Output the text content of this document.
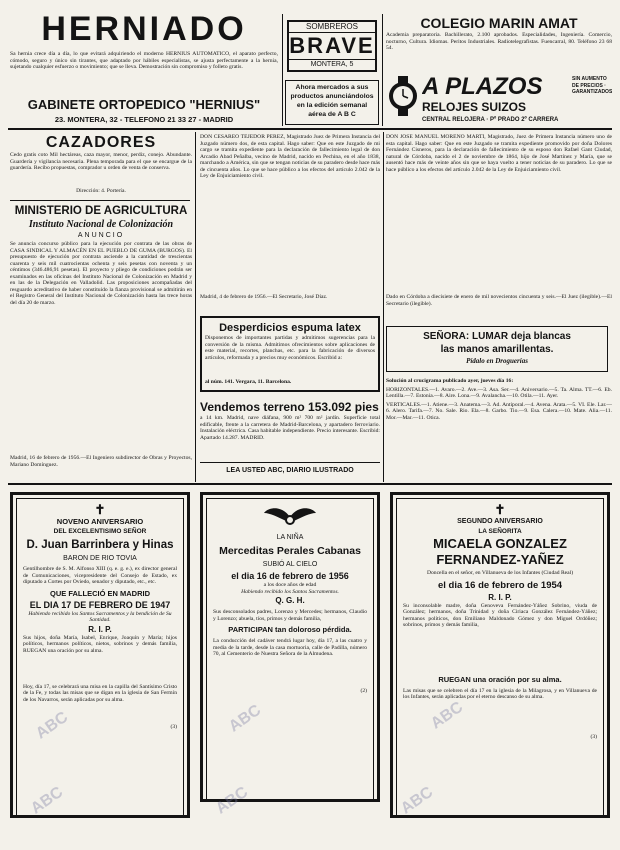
HERNIADO
Sa hernia crece día a día, lo que evitará adquiriendo el moderno HERNIUS AUTOMATICO, el aparato perfecto, cómodo, seguro y único sin tirantes, que adaptado por hábiles especialistas, se ajusta perfectamente a la hernia, sujetando cualquier esfuerzo o movimiento; que se lleva. Demostración sin compromiso y folleto gratis.
GABINETE ORTOPEDICO "HERNIUS"
23. MONTERA, 32 - TELEFONO 21 33 27 - MADRID
SOMBREROS
BRAVE
MONTERA, 5
Ahora mercados a sus
productos anunciándolos
en la edición semanal
aérea de A B C
COLEGIO MARIN AMAT
Academia preparatoria. Bachillerato, 2.100 aprobados. Especialidades, Ingeniería. Comercio, nocturno, Cultura. Idiomas. Peritos Industriales. Radiotelegrafistas. Fuencarral, 80. Teléfono 23 68 54.
A PLAZOS
RELOJES SUIZOS
SIN AUMENTO DE PRECIOS · GARANTIZADOS
CENTRAL RELOJERA · Pº PRADO 2º CARRERA
CAZADORES
Cedo gratis coto Mil hectáreas, caza mayor, menor, perdiz, conejo. Abundante. Guardería y vigilancia necesaria. Plena temporada para el que se encargue de la guardería. Recibo propuestas, comprador u orden de venta de conserva.
Dirección: 4. Portería.
MINISTERIO DE AGRICULTURA
Instituto Nacional de Colonización
ANUNCIO
Se anuncia concurso público para la ejecución por contrata de las obras de CASA SINDICAL Y ALMACÉN EN EL PUEBLO DE GUMA (BURGOS). El presupuesto de ejecución por contrata asciende a la cantidad de trescientas cuarenta y seis mil cuatrocientas ochenta y seis pesetas con noventa y un céntimos (346.486,91 pesetas). El proyecto y pliego de condiciones podrán ser examinados en las oficinas del Instituto Nacional de Colonización en Madrid y en las de la Delegación en Valladolid. Las proposiciones acompañadas del resguardo acreditativo de haber constituido la fianza provisional se admitirán en el Registro General del Instituto Nacional de Colonización hasta las trece horas del día 20 de marzo.
Madrid, 16 de febrero de 1956.—El Ingeniero subdirector de Obras y Proyectos, Mariano Domínguez.
DON CESAREO TEJEDOR PEREZ, Magistrado Juez de Primera Instancia del Juzgado número dos, de esta capital. Hago saber: Que en este Juzgado de mi cargo se tramita expediente para la declaración de fallecimiento legal de don Arcadio Abad Peñalba, vecino de Madrid, nacido en Pechina, en el año 1838, marchando a América, sin que se tengan noticias de su paradero desde hace más de cincuenta años. Lo que se hace público a los efectos del artículo 2.042 de la Ley de Enjuiciamiento civil.
Madrid, 4 de febrero de 1956.—El Secretario, José Díaz.
Desperdicios espuma latex
Disponemos de importantes partidas y admitimos sugerencias para la conversión de la misma. Admitimos ofrecimientos sobre aplicaciones de este material, recortes, planchas, etc. para la fabricación de diversos artículos, reformada y a precios muy económicos. Escribid a:
al núm. 141. Vergara, 11. Barcelona.
Vendemos terreno 153.092 pies
a 14 km. Madrid, nave diáfana, 900 m² 700 m² jardín. Superficie total edificable, frente a la carretera de Madrid-Barcelona, y apartadero ferroviario. Instalación eléctrica. Casa habitable independiente. Precio interesante. Escribid: Apartado 14.287. MADRID.
LEA USTED ABC, DIARIO ILUSTRADO
DON JOSE MANUEL MORENO MARTI, Magistrado, Juez de Primera Instancia número uno de esta capital. Hago saber: Que en este Juzgado se tramita expediente promovido por doña Dolores Fernández Cisneros, para la declaración de fallecimiento de su esposo don Rafael Gant Ciudad, natural de Córdoba, nacido el 2 de noviembre de 1864, hijo de José Martínez y María, que se ausentó hace más de veinte años sin que se haya vuelto a tener noticias de su paradero. Lo que se hace público a los efectos del artículo 2.042 de la Ley de Enjuiciamiento civil.
Dado en Córdoba a diecisiete de enero de mil novecientos cincuenta y seis.—El Juez (ilegible).—El Secretario (ilegible).
SEÑORA: LUMAR deja blancas
las manos amarillentas.
Pídalo en Droguerías
Solución al crucigrama publicado ayer, jueves día 16:
HORIZONTALES.—1. Avaro.—2. Ave.—3. Asa. Ser.—4. Aniversario.—5. Ta. Alma. TT.—6. Eb. Lentilla.—7. Estonia.—8. Aire. Lona.—9. Avalancha.—10. Otila.—11. Ayer.
VERTICALES.—1. Atiene.—3. Anatema.—3. Ad. Antiporal.—4. Avena. Arata.—5. VI. Ele. Lar.—6. Alero. Tarifa.—7. No. Sale. Rio. Ela.—8. Garbo. Tio.—9. Esa. Calera.—10. Mate. Alia.—11. Mor.—Mar.—11. Otica.
✝
NOVENO ANIVERSARIO
DEL EXCELENTISIMO SEÑOR
D. Juan Barrinbera y Hinas
BARON DE RIO TOVIA
Gentilhombre de S. M. Alfonso XIII (q. e. g. e.), ex director general de Comunicaciones, vicepresidente del Consejo de Estado, ex diputado a Cortes por Oviedo, senador y diputado, etc., etc.
QUE FALLECIÓ EN MADRID
EL DIA 17 DE FEBRERO DE 1947
Habiendo recibido los Santos Sacramentos y la bendición de Su Santidad.
R. I. P.
Sus hijos, doña María, Isabel, Enrique, Joaquín y María; hijos políticos, hermanos políticos, nietos, sobrinos y demás familia, RUEGAN una oración por su alma.
Hoy, día 17, se celebrará una misa en la capilla del Santísimo Cristo de la Fe, y todas las misas que se digan en la iglesia de San Fermín de los Navarros, serán aplicadas por su alma.
(3)
LA NIÑA
Merceditas Perales Cabanas
SUBIÓ AL CIELO
el dia 16 de febrero de 1956
a los doce años de edad
Habiendo recibido los Santos Sacramentos.
Q. G. H.
Sus desconsolados padres, Lorenzo y Mercedes; hermanos, Claudio y Lorenzo; abuela, tíos, primos y demás familia,
PARTICIPAN tan doloroso pérdida.
La conducción del cadáver tendrá lugar hoy, día 17, a las cuatro y media de la tarde, desde la casa mortuoria, calle de Padilla, número 70, al Cementerio de Nuestra Señora de la Almudena.
(2)
✝
SEGUNDO ANIVERSARIO
LA SEÑORITA
MICAELA GONZALEZ
FERNANDEZ-YAÑEZ
Doncella en el señor, en Villanueva de los Infantes (Ciudad Real)
el dia 16 de febrero de 1954
R. I. P.
Su inconsolable madre, doña Genoveva Fernández-Yáñez Sobrino, viuda de González; hermanos, doña Trinidad y doña Ciriaca González Fernández-Yáñez; hermanos políticos, don Emiliano Maldonado Gómez y don Miguel Ordóñez; sobrinos, primos y demás familia,
RUEGAN una oración por su alma.
Las misas que se celebren el día 17 en la iglesia de la Milagrosa, y en Villanueva de los Infantes, serán aplicadas por el eterno descanso de su alma.
(3)
ABC	ABC
ABC
ABC	ABC
ABC
